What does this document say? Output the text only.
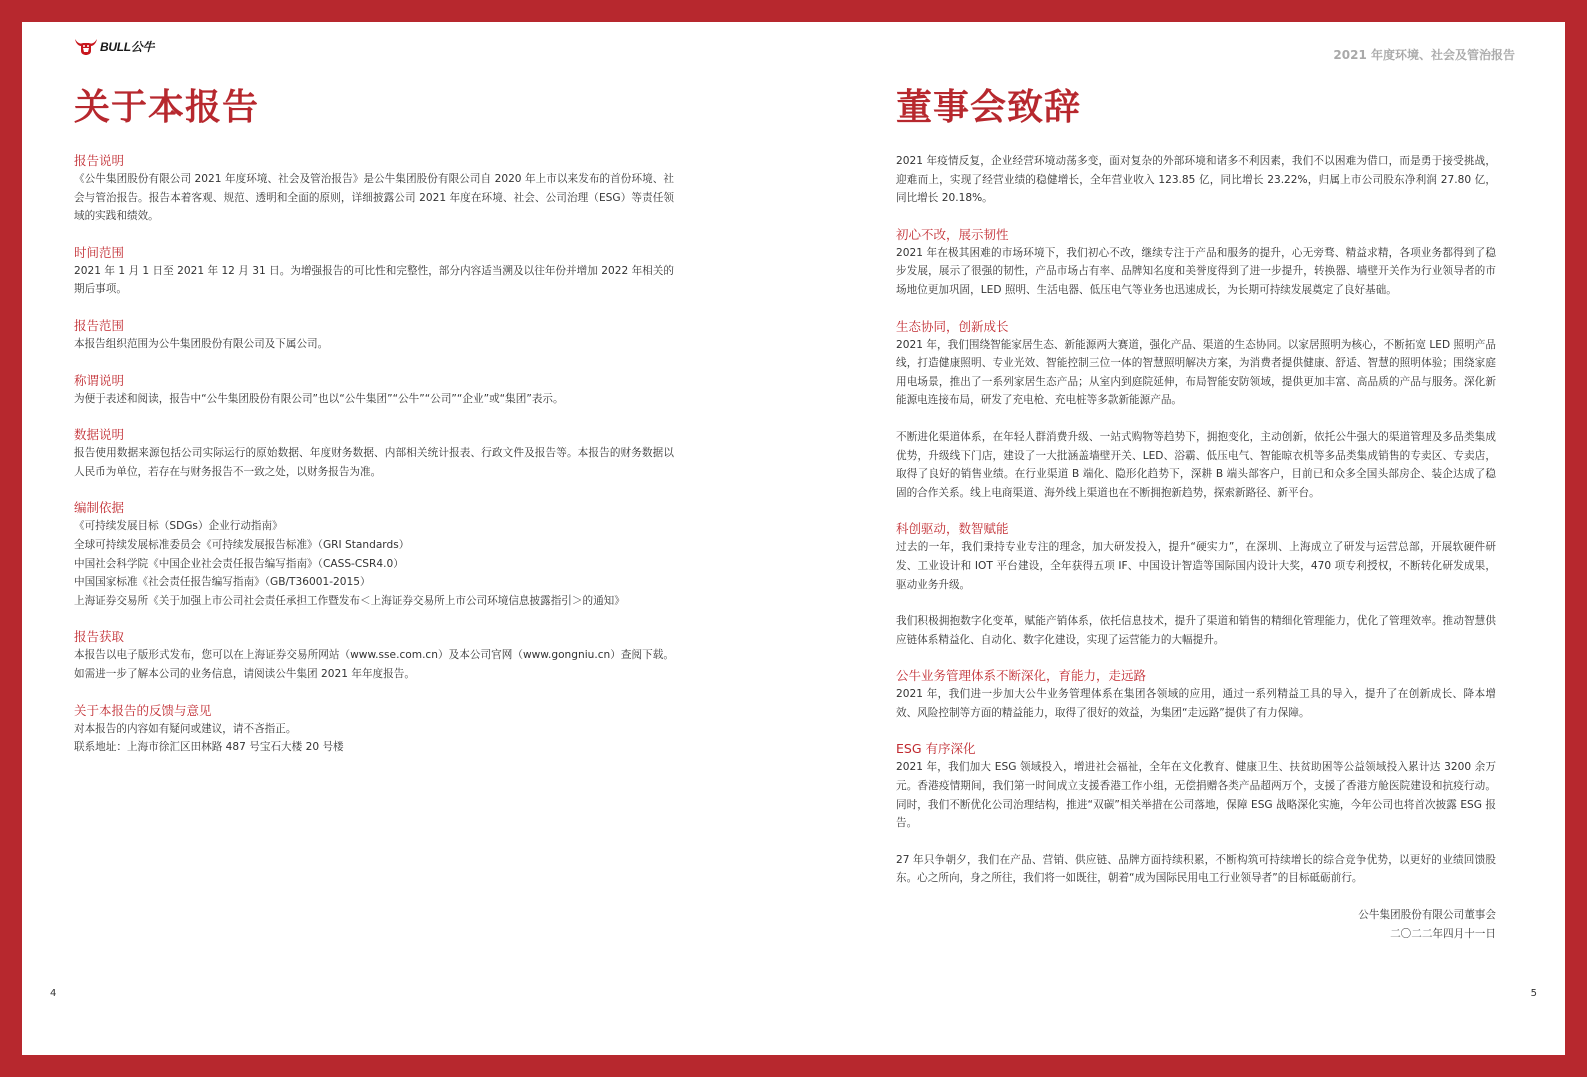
BULL公牛
2021 年度环境、社会及管治报告
关于本报告
报告说明

《公牛集团股份有限公司 2021 年度环境、社会及管治报告》是公牛集团股份有限公司自 2020 年上市以来发布的首份环境、社会与管治报告。报告本着客观、规范、透明和全面的原则，详细披露公司 2021 年度在环境、社会、公司治理（ESG）等责任领域的实践和绩效。

时间范围

2021 年 1 月 1 日至 2021 年 12 月 31 日。为增强报告的可比性和完整性，部分内容适当溯及以往年份并增加 2022 年相关的期后事项。

报告范围

本报告组织范围为公牛集团股份有限公司及下属公司。

称谓说明

为便于表述和阅读，报告中“公牛集团股份有限公司”也以“公牛集团”“公牛”“公司”“企业”或“集团”表示。

数据说明

报告使用数据来源包括公司实际运行的原始数据、年度财务数据、内部相关统计报表、行政文件及报告等。本报告的财务数据以人民币为单位，若存在与财务报告不一致之处，以财务报告为准。

编制依据

《可持续发展目标（SDGs）企业行动指南》

全球可持续发展标准委员会《可持续发展报告标准》（GRI Standards）

中国社会科学院《中国企业社会责任报告编写指南》（CASS-CSR4.0）

中国国家标准《社会责任报告编写指南》（GB/T36001-2015）

上海证券交易所《关于加强上市公司社会责任承担工作暨发布＜上海证券交易所上市公司环境信息披露指引＞的通知》

报告获取

本报告以电子版形式发布，您可以在上海证券交易所网站（www.sse.com.cn）及本公司官网（www.gongniu.cn）查阅下载。如需进一步了解本公司的业务信息，请阅读公牛集团 2021 年年度报告。

关于本报告的反馈与意见

对本报告的内容如有疑问或建议，请不吝指正。

联系地址：上海市徐汇区田林路 487 号宝石大楼 20 号楼

董事会致辞

2021 年疫情反复，企业经营环境动荡多变，面对复杂的外部环境和诸多不利因素，我们不以困难为借口，而是勇于接受挑战，迎难而上，实现了经营业绩的稳健增长，全年营业收入 123.85 亿，同比增长 23.22%，归属上市公司股东净利润 27.80 亿，同比增长 20.18%。

初心不改，展示韧性

2021 年在极其困难的市场环境下，我们初心不改，继续专注于产品和服务的提升，心无旁骛、精益求精，各项业务都得到了稳步发展，展示了很强的韧性，产品市场占有率、品牌知名度和美誉度得到了进一步提升，转换器、墙壁开关作为行业领导者的市场地位更加巩固，LED 照明、生活电器、低压电气等业务也迅速成长，为长期可持续发展奠定了良好基础。

生态协同，创新成长

2021 年，我们围绕智能家居生态、新能源两大赛道，强化产品、渠道的生态协同。以家居照明为核心，不断拓宽 LED 照明产品线，打造健康照明、专业光效、智能控制三位一体的智慧照明解决方案，为消费者提供健康、舒适、智慧的照明体验；围绕家庭用电场景，推出了一系列家居生态产品；从室内到庭院延伸，布局智能安防领域，提供更加丰富、高品质的产品与服务。深化新能源电连接布局，研发了充电枪、充电桩等多款新能源产品。

不断进化渠道体系，在年轻人群消费升级、一站式购物等趋势下，拥抱变化，主动创新，依托公牛强大的渠道管理及多品类集成优势，升级线下门店，建设了一大批涵盖墙壁开关、LED、浴霸、低压电气、智能晾衣机等多品类集成销售的专卖区、专卖店，取得了良好的销售业绩。在行业渠道 B 端化、隐形化趋势下，深耕 B 端头部客户，目前已和众多全国头部房企、装企达成了稳固的合作关系。线上电商渠道、海外线上渠道也在不断拥抱新趋势，探索新路径、新平台。

科创驱动，数智赋能

过去的一年，我们秉持专业专注的理念，加大研发投入，提升“硬实力”，在深圳、上海成立了研发与运营总部，开展软硬件研发、工业设计和 IOT 平台建设，全年获得五项 IF、中国设计智造等国际国内设计大奖，470 项专利授权，不断转化研发成果，驱动业务升级。

我们积极拥抱数字化变革，赋能产销体系，依托信息技术，提升了渠道和销售的精细化管理能力，优化了管理效率。推动智慧供应链体系精益化、自动化、数字化建设，实现了运营能力的大幅提升。

公牛业务管理体系不断深化，育能力，走远路

2021 年，我们进一步加大公牛业务管理体系在集团各领域的应用，通过一系列精益工具的导入，提升了在创新成长、降本增效、风险控制等方面的精益能力，取得了很好的效益，为集团“走远路”提供了有力保障。

ESG 有序深化

2021 年，我们加大 ESG 领域投入，增进社会福祉，全年在文化教育、健康卫生、扶贫助困等公益领域投入累计达 3200 余万元。香港疫情期间，我们第一时间成立支援香港工作小组，无偿捐赠各类产品超两万个，支援了香港方舱医院建设和抗疫行动。同时，我们不断优化公司治理结构，推进“双碳”相关举措在公司落地，保障 ESG 战略深化实施，今年公司也将首次披露 ESG 报告。

27 年只争朝夕，我们在产品、营销、供应链、品牌方面持续积累，不断构筑可持续增长的综合竞争优势，以更好的业绩回馈股东。心之所向，身之所往，我们将一如既往，朝着“成为国际民用电工行业领导者”的目标砥砺前行。

公牛集团股份有限公司董事会
二〇二二年四月十一日
4	5
